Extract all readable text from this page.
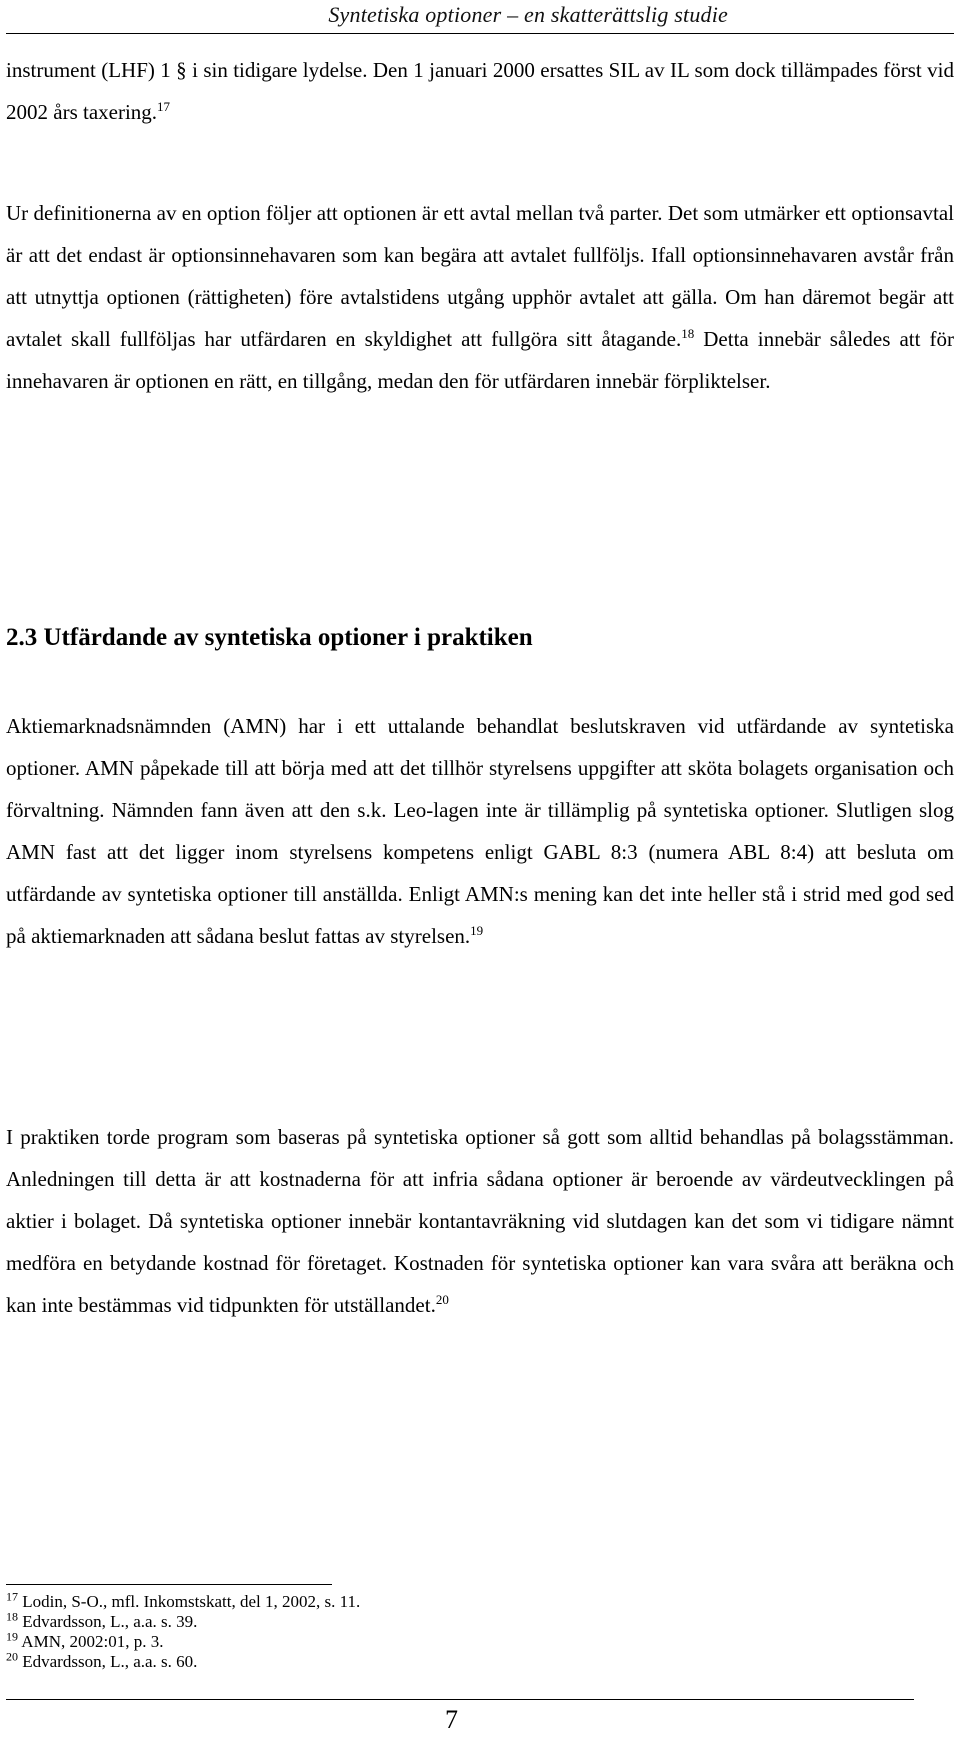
Syntetiska optioner – en skatterättslig studie

instrument (LHF) 1 § i sin tidigare lydelse. Den 1 januari 2000 ersattes SIL av IL som dock tillämpades först vid 2002 års taxering.$^{17}$

Ur definitionerna av en option följer att optionen är ett avtal mellan två parter. Det som utmärker ett optionsavtal är att det endast är optionsinnehavaren som kan begära att avtalet fullföljs. Ifall optionsinnehavaren avstår från att utnyttja optionen (rättigheten) före avtalstidens utgång upphör avtalet att gälla. Om han däremot begär att avtalet skall fullföljas har utfärdaren en skyldighet att fullgöra sitt åtagande.$^{18}$ Detta innebär således att för innehavaren är optionen en rätt, en tillgång, medan den för utfärdaren innebär förpliktelser.

2.3 Utfärdande av syntetiska optioner i praktiken

Aktiemarknadsnämnden (AMN) har i ett uttalande behandlat beslutskraven vid utfärdande av syntetiska optioner. AMN påpekade till att börja med att det tillhör styrelsens uppgifter att sköta bolagets organisation och förvaltning. Nämnden fann även att den s.k. Leo-lagen inte är tillämplig på syntetiska optioner. Slutligen slog AMN fast att det ligger inom styrelsens kompetens enligt GABL 8:3 (numera ABL 8:4) att besluta om utfärdande av syntetiska optioner till anställda. Enligt AMN:s mening kan det inte heller stå i strid med god sed på aktiemarknaden att sådana beslut fattas av styrelsen.$^{19}$

I praktiken torde program som baseras på syntetiska optioner så gott som alltid behandlas på bolagsstämman. Anledningen till detta är att kostnaderna för att infria sådana optioner är beroende av värdeutvecklingen på aktier i bolaget. Då syntetiska optioner innebär kontantavräkning vid slutdagen kan det som vi tidigare nämnt medföra en betydande kostnad för företaget. Kostnaden för syntetiska optioner kan vara svåra att beräkna och kan inte bestämmas vid tidpunkten för utställandet.$^{20}$

$^{17}$ Lodin, S-O., mfl. Inkomstskatt, del 1, 2002, s. 11.
$^{18}$ Edvardsson, L., a.a. s. 39.
$^{19}$ AMN, 2002:01, p. 3.
$^{20}$ Edvardsson, L., a.a. s. 60.
7
